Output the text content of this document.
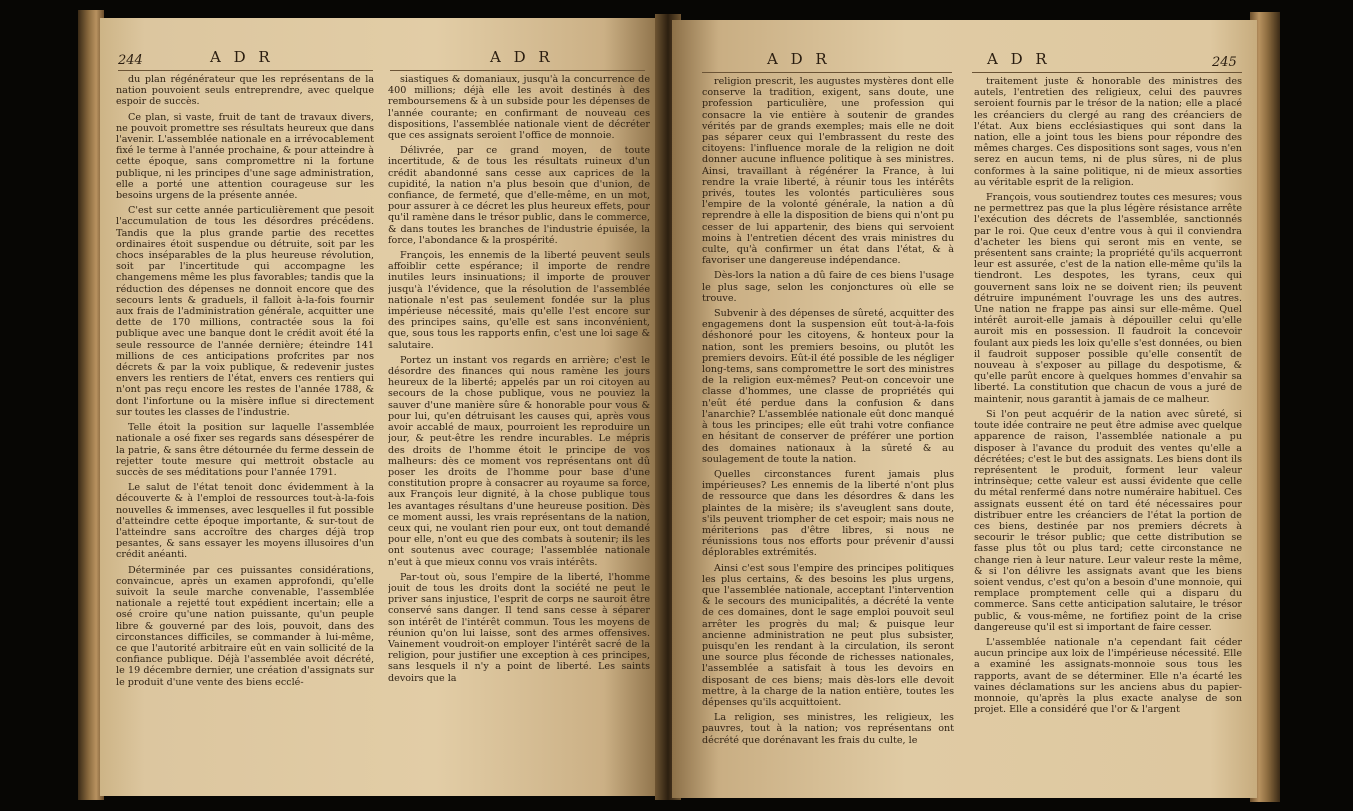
244	A D R	A D R

du plan régénérateur que les représentans de la nation pouvoient seuls entreprendre, avec quelque espoir de succès.

Ce plan, si vaste, fruit de tant de travaux divers, ne pouvoit promettre ses résultats heureux que dans l'avenir. L'assemblée nationale en a irrévocablement fixé le terme à l'année prochaine, & pour atteindre à cette époque, sans compromettre ni la fortune publique, ni les principes d'une sage administration, elle a porté une attention courageuse sur les besoins urgens de la présente année.

C'est sur cette année particulièrement que pesoit l'accumulation de tous les désordres précédens. Tandis que la plus grande partie des recettes ordinaires étoit suspendue ou détruite, soit par les chocs inséparables de la plus heureuse révolution, soit par l'incertitude qui accompagne les changemens même les plus favorables; tandis que la réduction des dépenses ne donnoit encore que des secours lents & graduels, il falloit à-la-fois fournir aux frais de l'administration générale, acquitter une dette de 170 millions, contractée sous la foi publique avec une banque dont le crédit avoit été la seule ressource de l'année dernière; éteindre 141 millions de ces anticipations profcrites par nos décrets & par la voix publique, & redevenir justes envers les rentiers de l'état, envers ces rentiers qui n'ont pas reçu encore les restes de l'année 1788, & dont l'infortune ou la misère influe si directement sur toutes les classes de l'industrie.

Telle étoit la position sur laquelle l'assemblée nationale a osé fixer ses regards sans désespérer de la patrie, & sans être détournée du ferme dessein de rejetter toute mesure qui mettroit obstacle au succès de ses méditations pour l'année 1791.

Le salut de l'état tenoit donc évidemment à la découverte & à l'emploi de ressources tout-à-la-fois nouvelles & immenses, avec lesquelles il fut possible d'atteindre cette époque importante, & sur-tout de l'atteindre sans accroître des charges déjà trop pesantes, & sans essayer les moyens illusoires d'un crédit anéanti.

Déterminée par ces puissantes considérations, convaincue, après un examen approfondi, qu'elle suivoit la seule marche convenable, l'assemblée nationale a rejetté tout expédient incertain; elle a osé croire qu'une nation puissante, qu'un peuple libre & gouverné par des lois, pouvoit, dans des circonstances difficiles, se commander à lui-même, ce que l'autorité arbitraire eût en vain sollicité de la confiance publique. Déjà l'assemblée avoit décrété, le 19 décembre dernier, une création d'assignats sur le produit d'une vente des biens ecclé-

siastiques & domaniaux, jusqu'à la concurrence de 400 millions; déjà elle les avoit destinés à des remboursemens & à un subside pour les dépenses de l'année courante; en confirmant de nouveau ces dispositions, l'assemblée nationale vient de décréter que ces assignats seroient l'office de monnoie.

Délivrée, par ce grand moyen, de toute incertitude, & de tous les résultats ruineux d'un crédit abandonné sans cesse aux caprices de la cupidité, la nation n'a plus besoin que d'union, de confiance, de fermeté, que d'elle-même, en un mot, pour assurer à ce décret les plus heureux effets, pour qu'il ramène dans le trésor public, dans le commerce, & dans toutes les branches de l'industrie épuisée, la force, l'abondance & la prospérité.

François, les ennemis de la liberté peuvent seuls affoiblir cette espérance; il importe de rendre inutiles leurs insinuations; il importe de prouver jusqu'à l'évidence, que la résolution de l'assemblée nationale n'est pas seulement fondée sur la plus impérieuse nécessité, mais qu'elle l'est encore sur des principes sains, qu'elle est sans inconvénient, que, sous tous les rapports enfin, c'est une loi sage & salutaire.

Portez un instant vos regards en arrière; c'est le désordre des finances qui nous ramène les jours heureux de la liberté; appelés par un roi citoyen au secours de la chose publique, vous ne pouviez la sauver d'une manière sûre & honorable pour vous & pour lui, qu'en détruisant les causes qui, après vous avoir accablé de maux, pourroient les reproduire un jour, & peut-être les rendre incurables. Le mépris des droits de l'homme étoit le principe de vos malheurs: dès ce moment vos représentans ont dû poser les droits de l'homme pour base d'une constitution propre à consacrer au royaume sa force, aux François leur dignité, à la chose publique tous les avantages résultans d'une heureuse position. Dès ce moment aussi, les vrais représentans de la nation, ceux qui, ne voulant rien pour eux, ont tout demandé pour elle, n'ont eu que des combats à soutenir; ils les ont soutenus avec courage; l'assemblée nationale n'eut à que mieux connu vos vrais intérêts.

Par-tout où, sous l'empire de la liberté, l'homme jouit de tous les droits dont la société ne peut le priver sans injustice, l'esprit de corps ne sauroit être conservé sans danger. Il tend sans cesse à séparer son intérêt de l'intérêt commun. Tous les moyens de réunion qu'on lui laisse, sont des armes offensives. Vainement voudroit-on employer l'intérêt sacré de la religion, pour justifier une exception à ces principes, sans lesquels il n'y a point de liberté. Les saints devoirs que la

A D R	A D R	245

religion prescrit, les augustes mystères dont elle conserve la tradition, exigent, sans doute, une profession particulière, une profession qui consacre la vie entière à soutenir de grandes vérités par de grands exemples; mais elle ne doit pas séparer ceux qui l'embrassent du reste des citoyens: l'influence morale de la religion ne doit donner aucune influence politique à ses ministres. Ainsi, travaillant à régénérer la France, à lui rendre la vraie liberté, à réunir tous les intérêts privés, toutes les volontés particulières sous l'empire de la volonté générale, la nation a dû reprendre à elle la disposition de biens qui n'ont pu cesser de lui appartenir, des biens qui servoient moins à l'entretien décent des vrais ministres du culte, qu'à confirmer un état dans l'état, & à favoriser une dangereuse indépendance.

Dès-lors la nation a dû faire de ces biens l'usage le plus sage, selon les conjonctures où elle se trouve.

Subvenir à des dépenses de sûreté, acquitter des engagemens dont la suspension eût tout-à-la-fois déshonoré pour les citoyens, & honteux pour la nation, sont les premiers besoins, ou plutôt les premiers devoirs. Eût-il été possible de les négliger long-tems, sans compromettre le sort des ministres de la religion eux-mêmes? Peut-on concevoir une classe d'hommes, une classe de propriétés qui n'eût été perdue dans la confusion & dans l'anarchie? L'assemblée nationale eût donc manqué à tous les principes; elle eût trahi votre confiance en hésitant de conserver de préférer une portion des domaines nationaux à la sûreté & au soulagement de toute la nation.

Quelles circonstances furent jamais plus impérieuses? Les ennemis de la liberté n'ont plus de ressource que dans les désordres & dans les plaintes de la misère; ils s'aveuglent sans doute, s'ils peuvent triompher de cet espoir; mais nous ne mériterions pas d'être libres, si nous ne réunissions tous nos efforts pour prévenir d'aussi déplorables extrémités.

Ainsi c'est sous l'empire des principes politiques les plus certains, & des besoins les plus urgens, que l'assemblée nationale, acceptant l'intervention & le secours des municipalités, a décrété la vente de ces domaines, dont le sage emploi pouvoit seul arrêter les progrès du mal; & puisque leur ancienne administration ne peut plus subsister, puisqu'en les rendant à la circulation, ils seront une source plus féconde de richesses nationales, l'assemblée a satisfait à tous les devoirs en disposant de ces biens; mais dès-lors elle devoit mettre, à la charge de la nation entière, toutes les dépenses qu'ils acquittoient.

La religion, ses ministres, les religieux, les pauvres, tout à la nation; vos représentans ont décrété que dorénavant les frais du culte, le

traitement juste & honorable des ministres des autels, l'entretien des religieux, celui des pauvres seroient fournis par le trésor de la nation; elle a placé les créanciers du clergé au rang des créanciers de l'état. Aux biens ecclésiastiques qui sont dans la nation, elle a joint tous les biens pour répondre des mêmes charges. Ces dispositions sont sages, vous n'en serez en aucun tems, ni de plus sûres, ni de plus conformes à la saine politique, ni de mieux assorties au véritable esprit de la religion.

François, vous soutiendrez toutes ces mesures; vous ne permettrez pas que la plus légère résistance arrête l'exécution des décrets de l'assemblée, sanctionnés par le roi. Que ceux d'entre vous à qui il conviendra d'acheter les biens qui seront mis en vente, se présentent sans crainte; la propriété qu'ils acquerront leur est assurée, c'est de la nation elle-même qu'ils la tiendront. Les despotes, les tyrans, ceux qui gouvernent sans loix ne se doivent rien; ils peuvent détruire impunément l'ouvrage les uns des autres. Une nation ne frappe pas ainsi sur elle-même. Quel intérêt auroit-elle jamais à dépouiller celui qu'elle auroit mis en possession. Il faudroit la concevoir foulant aux pieds les loix qu'elle s'est données, ou bien il faudroit supposer possible qu'elle consentît de nouveau à s'exposer au pillage du despotisme, & qu'elle parût encore à quelques hommes d'envahir sa liberté. La constitution que chacun de vous a juré de maintenir, nous garantit à jamais de ce malheur.

Si l'on peut acquérir de la nation avec sûreté, si toute idée contraire ne peut être admise avec quelque apparence de raison, l'assemblée nationale a pu disposer à l'avance du produit des ventes qu'elle a décrétées; c'est le but des assignats. Les biens dont ils représentent le produit, forment leur valeur intrinsèque; cette valeur est aussi évidente que celle du métal renfermé dans notre numéraire habituel. Ces assignats eussent été on tard été nécessaires pour distribuer entre les créanciers de l'état la portion de ces biens, destinée par nos premiers décrets à secourir le trésor public; que cette distribution se fasse plus tôt ou plus tard; cette circonstance ne change rien à leur nature. Leur valeur reste la même, & si l'on délivre les assignats avant que les biens soient vendus, c'est qu'on a besoin d'une monnoie, qui remplace promptement celle qui a disparu du commerce. Sans cette anticipation salutaire, le trésor public, & vous-même, ne fortifiez point de la crise dangereuse qu'il est si important de faire cesser.

L'assemblée nationale n'a cependant fait céder aucun principe aux loix de l'impérieuse nécessité. Elle a examiné les assignats-monnoie sous tous les rapports, avant de se déterminer. Elle n'a écarté les vaines déclamations sur les anciens abus du papier-monnoie, qu'après la plus exacte analyse de son projet. Elle a considéré que l'or & l'argent
